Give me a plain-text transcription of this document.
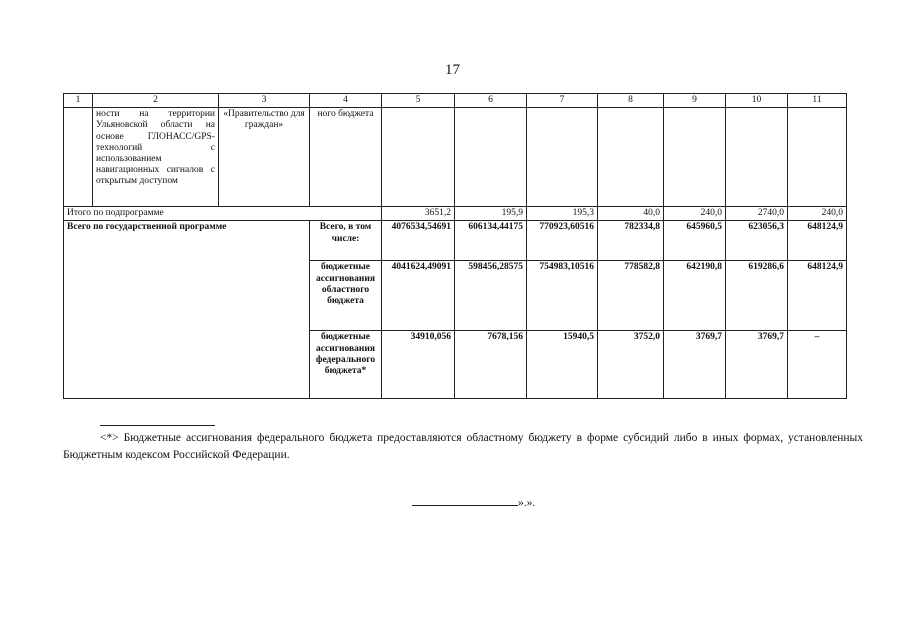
17
1	2	3	4	5	6	7	8	9	10	11
	ности на территории Ульяновской области на основе ГЛОНАСС/GPS-технологий с использованием навигационных сигналов с открытым доступом	«Правительство для граждан»	ного бюджета							
Итого по подпрограмме				3651,2	195,9	195,3	40,0	240,0	2740,0	240,0
Всего по государственной программе			Всего, в том числе:	4076534,54691	606134,44175	770923,60516	782334,8	645960,5	623056,3	648124,9
			бюджетные ассигнования областного бюджета	4041624,49091	598456,28575	754983,10516	778582,8	642190,8	619286,6	648124,9
			бюджетные ассигнования федерального бюджета*	34910,056	7678,156	15940,5	3752,0	3769,7	3769,7	–
<*> Бюджетные ассигнования федерального бюджета предоставляются областному бюджету в форме субсидий либо в иных формах, установленных Бюджетным кодексом Российской Федерации.
».».
